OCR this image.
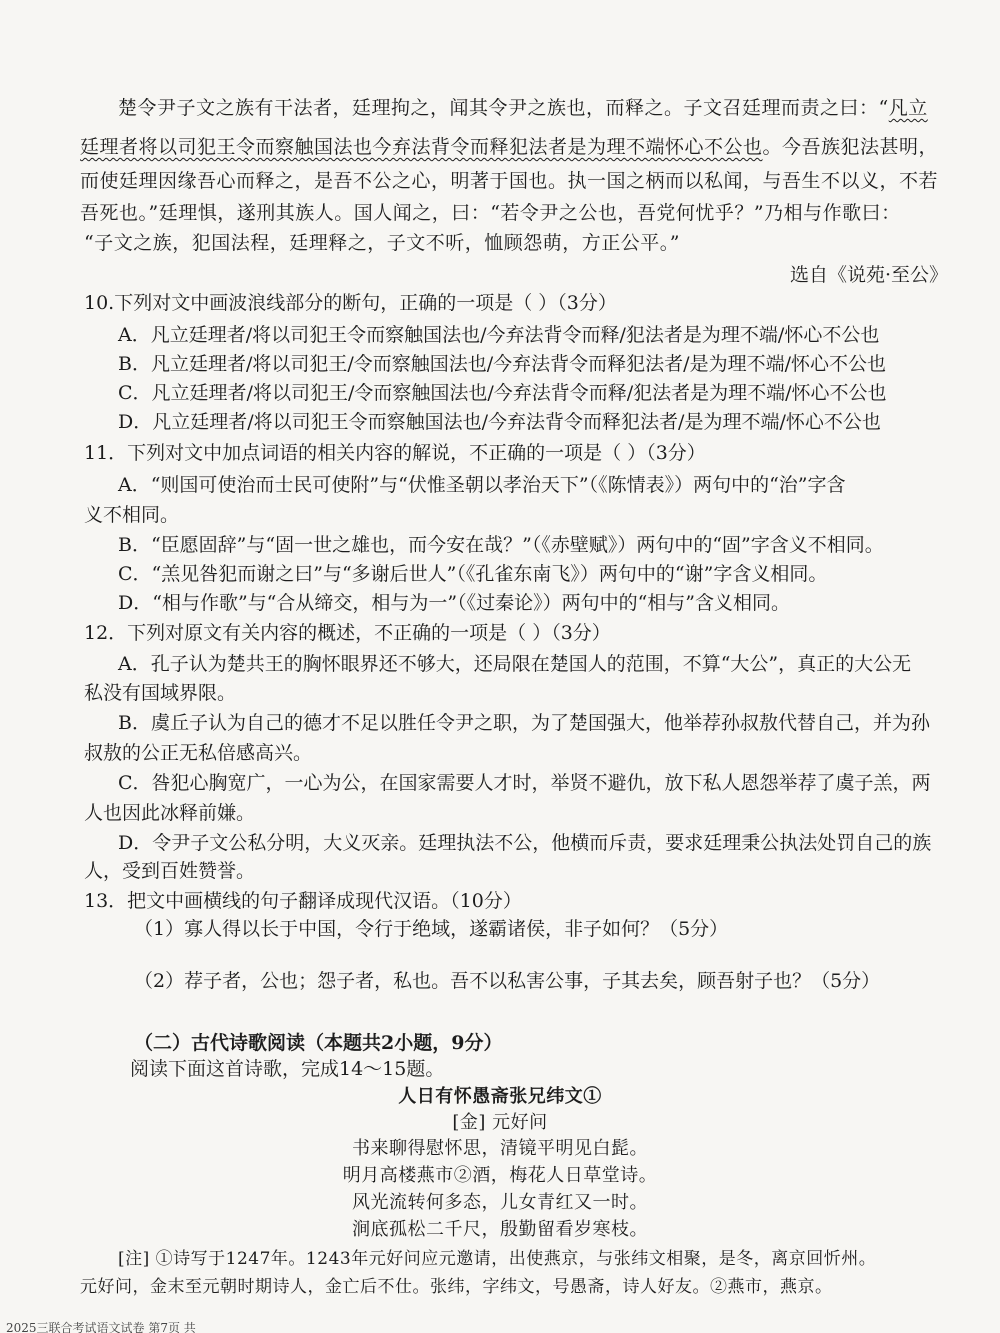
楚令尹子文之族有干法者，廷理拘之，闻其令尹之族也，而释之。子文召廷理而责之曰：“凡立
廷理者将以司犯王令而察触国法也今弃法背令而释犯法者是为理不端怀心不公也。今吾族犯法甚明，
而使廷理因缘吾心而释之，是吾不公之心，明著于国也。执一国之柄而以私闻，与吾生不以义，不若
吾死也。”廷理惧，遂刑其族人。国人闻之，曰：“若令尹之公也，吾党何忧乎？”乃相与作歌曰：
“子文之族，犯国法程，廷理释之，子文不听，恤顾怨萌，方正公平。”
选自《说苑·至公》
10.下列对文中画波浪线部分的断句，正确的一项是（ ）（3分）
A．凡立廷理者/将以司犯王令而察触国法也/今弃法背令而释/犯法者是为理不端/怀心不公也
B．凡立廷理者/将以司犯王/令而察触国法也/今弃法背令而释犯法者/是为理不端/怀心不公也
C．凡立廷理者/将以司犯王/令而察触国法也/今弃法背令而释/犯法者是为理不端/怀心不公也
D．凡立廷理者/将以司犯王令而察触国法也/今弃法背令而释犯法者/是为理不端/怀心不公也
11．下列对文中加点词语的相关内容的解说，不正确的一项是（ ）（3分）
A．“则国可使治而士民可使附”与“伏惟圣朝以孝治天下”（《陈情表》）两句中的“治”字含
义不相同。
B．“臣愿固辞”与“固一世之雄也，而今安在哉？”（《赤壁赋》）两句中的“固”字含义不相同。
C．“羔见咎犯而谢之曰”与“多谢后世人”（《孔雀东南飞》）两句中的“谢”字含义相同。
D．“相与作歌”与“合从缔交，相与为一”（《过秦论》）两句中的“相与”含义相同。
12．下列对原文有关内容的概述，不正确的一项是（ ）（3分）
A．孔子认为楚共王的胸怀眼界还不够大，还局限在楚国人的范围，不算“大公”，真正的大公无
私没有国域界限。
B．虞丘子认为自己的德才不足以胜任令尹之职，为了楚国强大，他举荐孙叔敖代替自己，并为孙
叔敖的公正无私倍感高兴。
C．咎犯心胸宽广，一心为公，在国家需要人才时，举贤不避仇，放下私人恩怨举荐了虞子羔，两
人也因此冰释前嫌。
D．令尹子文公私分明，大义灭亲。廷理执法不公，他横而斥责，要求廷理秉公执法处罚自己的族
人，受到百姓赞誉。
13．把文中画横线的句子翻译成现代汉语。（10分）
（1）寡人得以长于中国，令行于绝域，遂霸诸侯，非子如何？（5分）
（2）荐子者，公也；怨子者，私也。吾不以私害公事，子其去矣，顾吾射子也？（5分）
（二）古代诗歌阅读（本题共2小题，9分）
阅读下面这首诗歌，完成14～15题。
人日有怀愚斋张兄纬文①
[金] 元好问
书来聊得慰怀思，清镜平明见白髭。
明月高楼燕市②酒，梅花人日草堂诗。
风光流转何多态，儿女青红又一时。
涧底孤松二千尺，殷勤留看岁寒枝。
[注] ①诗写于1247年。1243年元好问应元邀请，出使燕京，与张纬文相聚，是冬，离京回忻州。
元好问，金末至元朝时期诗人，金亡后不仕。张纬，字纬文，号愚斋，诗人好友。②燕市，燕京。
2025三联合考试语文试卷 第7页 共
